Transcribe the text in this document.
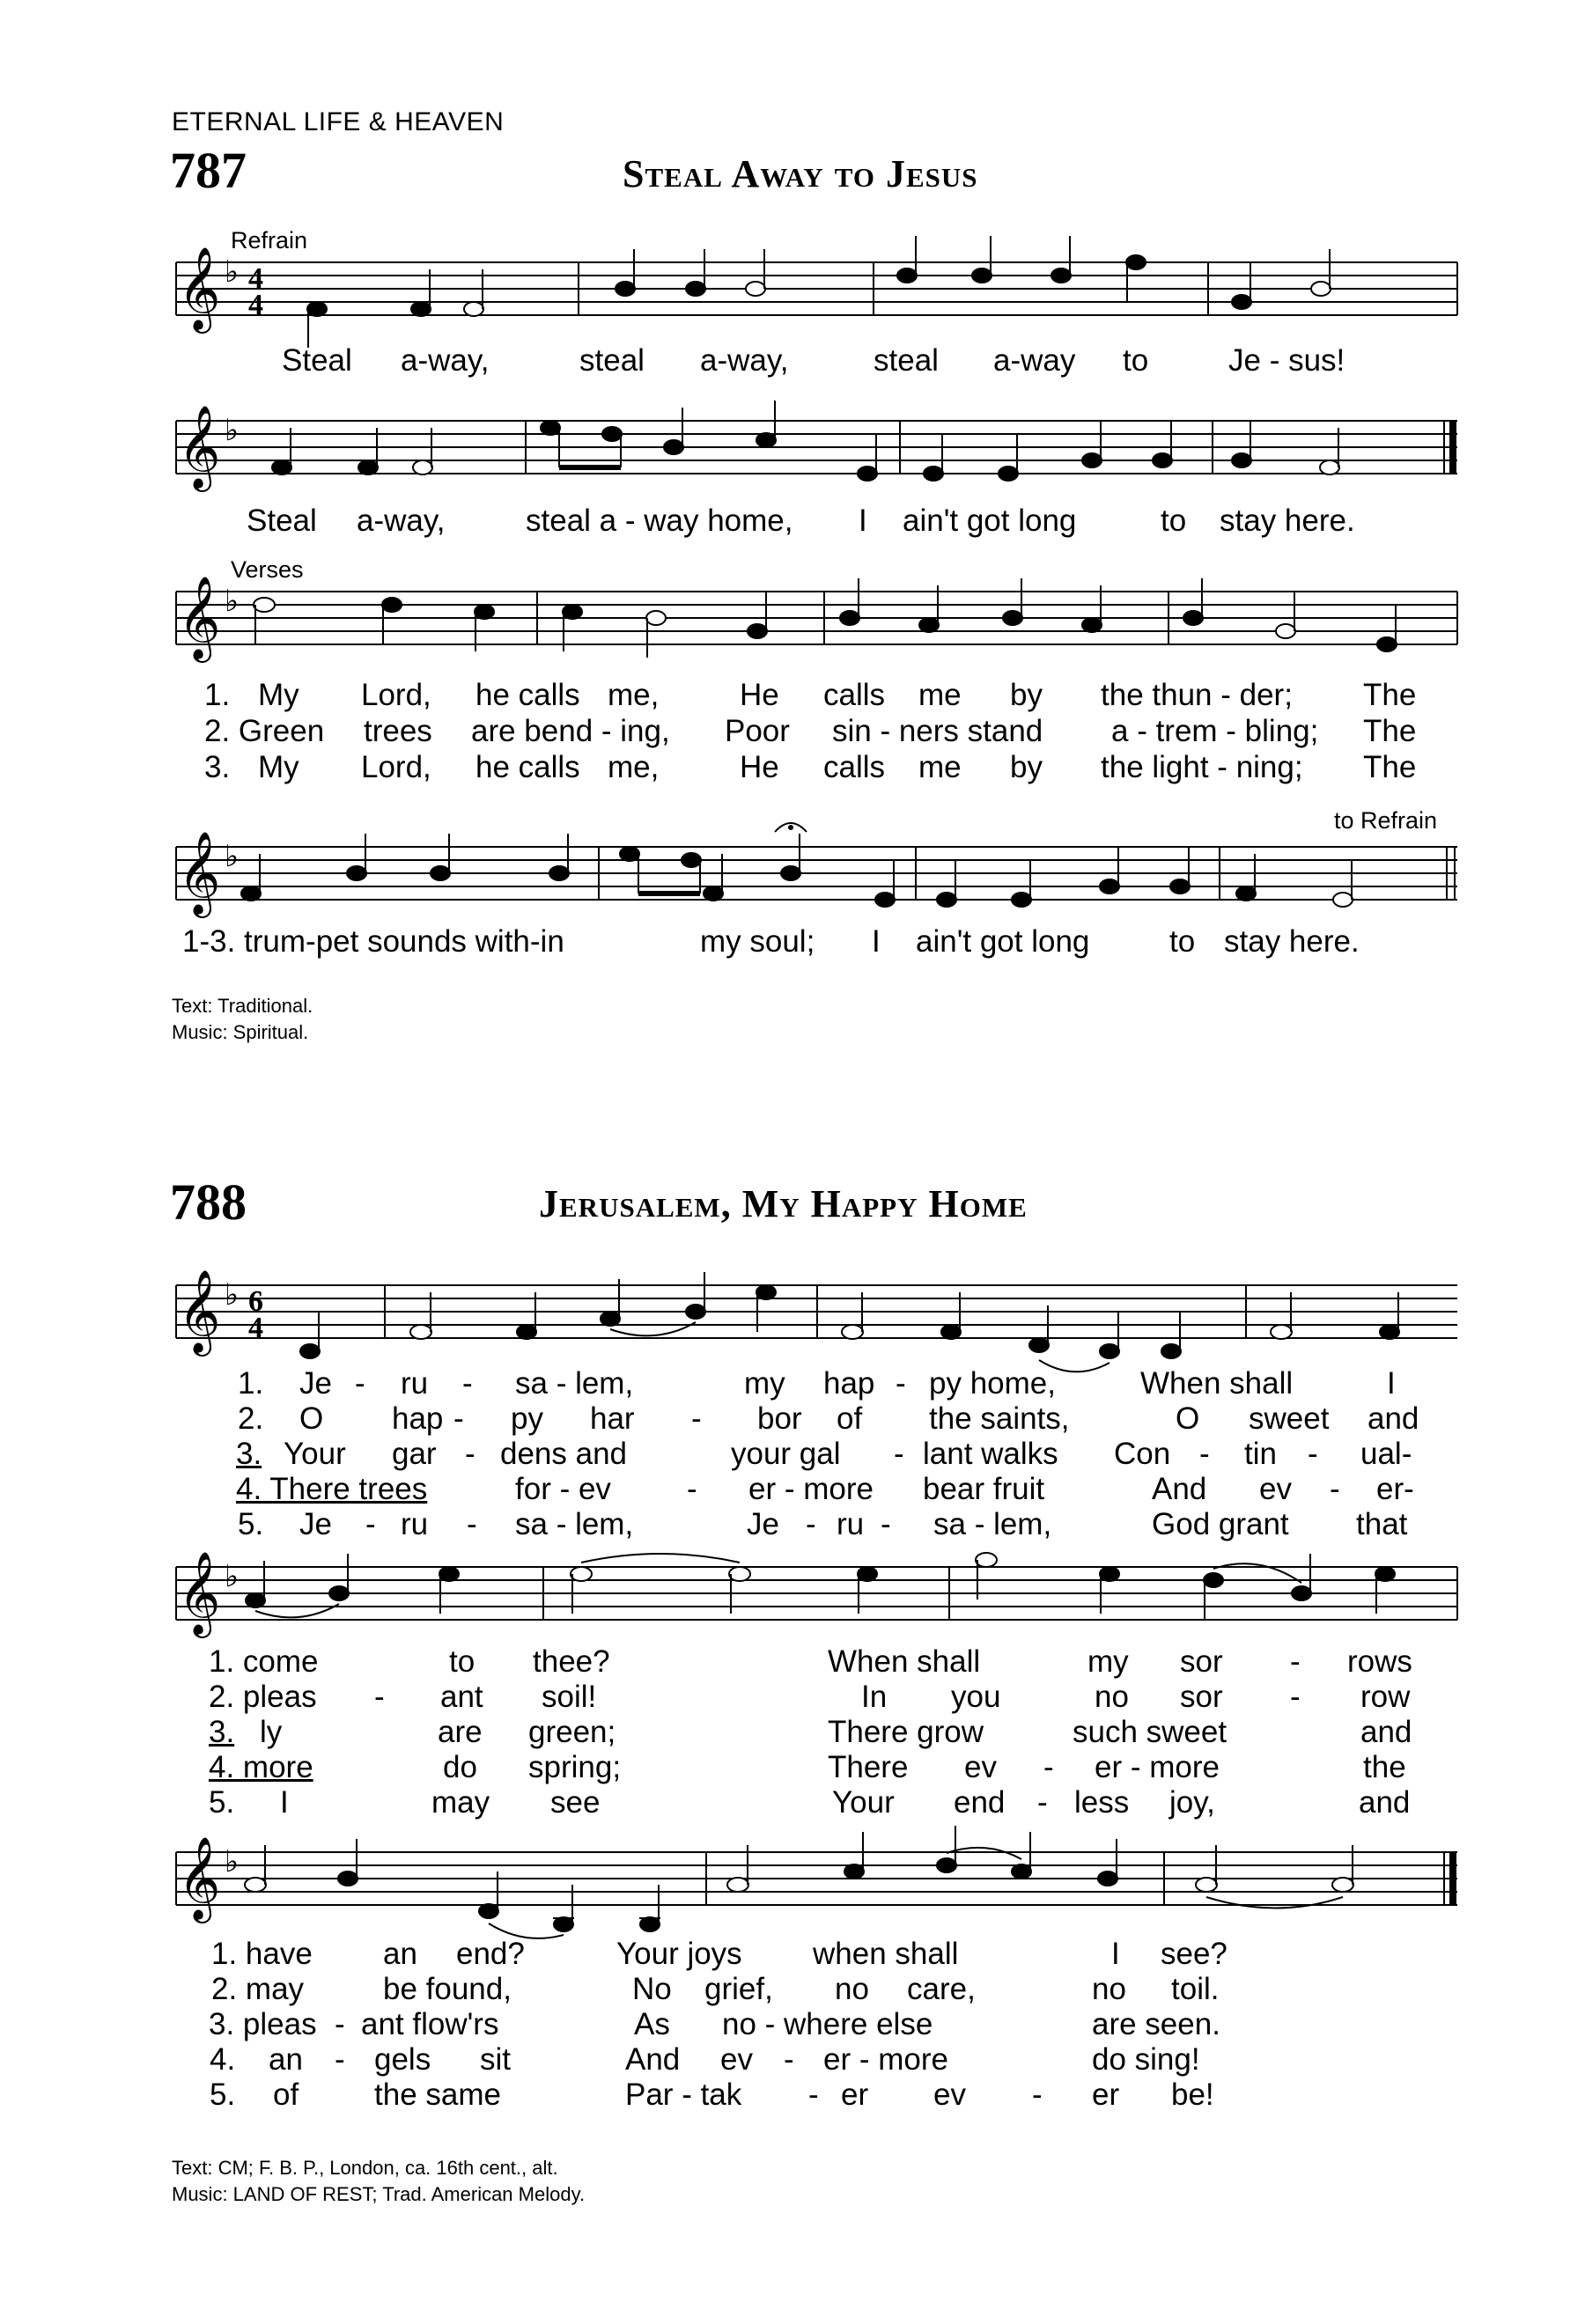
ETERNAL LIFE & HEAVEN
787	Steal Away to Jesus
𝄞
𝄞
𝄞
𝄞
♭
♭
♭
♭
4
4
Refrain
Verses
to Refrain
Steal a-way,	steal a-way,	steal a-way to	Je - sus!
Steal a-way,	steal a - way home, I ain't got long	to stay here.
1. My Lord, he calls me,	He calls me by the thun - der; The
2. Green trees are bend - ing, Poor sin - ners stand a - trem - bling; The
3. My Lord, he calls me,	He calls me by the light - ning; The
1-3. trum-pet sounds with-in	my soul; I ain't got long	to stay here.
Text: Traditional.
Music: Spiritual.
788	Jerusalem, My Happy Home
𝄞
𝄞
𝄞
♭
♭
♭
6
4
1. Je - ru - sa - lem,	my hap - py home,	When shall	I
2. O hap - py har - bor of the saints,	O sweet and
3. Your gar - dens and	your gal - lant walks Con - tin - ual-
4. There trees	for - ev - er - more bear fruit	And ev - er-
5. Je - ru - sa - lem,	Je - ru - sa - lem,	God grant that
1. come	to thee?	When shall	my sor - rows
2. pleas - ant soil!	In you	no sor - row
3. ly	are green;	There grow	such sweet	and
4. more	do spring;	There ev - er - more	the
5. I	may see	Your end - less joy,	and
1. have an end?	Your joys when shall	I see?
2. may	be found,	No grief, no care,	no toil.
3. pleas - ant flow'rs	As no - where else	are seen.
4. an - gels sit	And ev - er - more	do sing!
5. of the same	Par - tak - er ev - er be!
Text: CM; F. B. P., London, ca. 16th cent., alt.
Music: LAND OF REST; Trad. American Melody.
